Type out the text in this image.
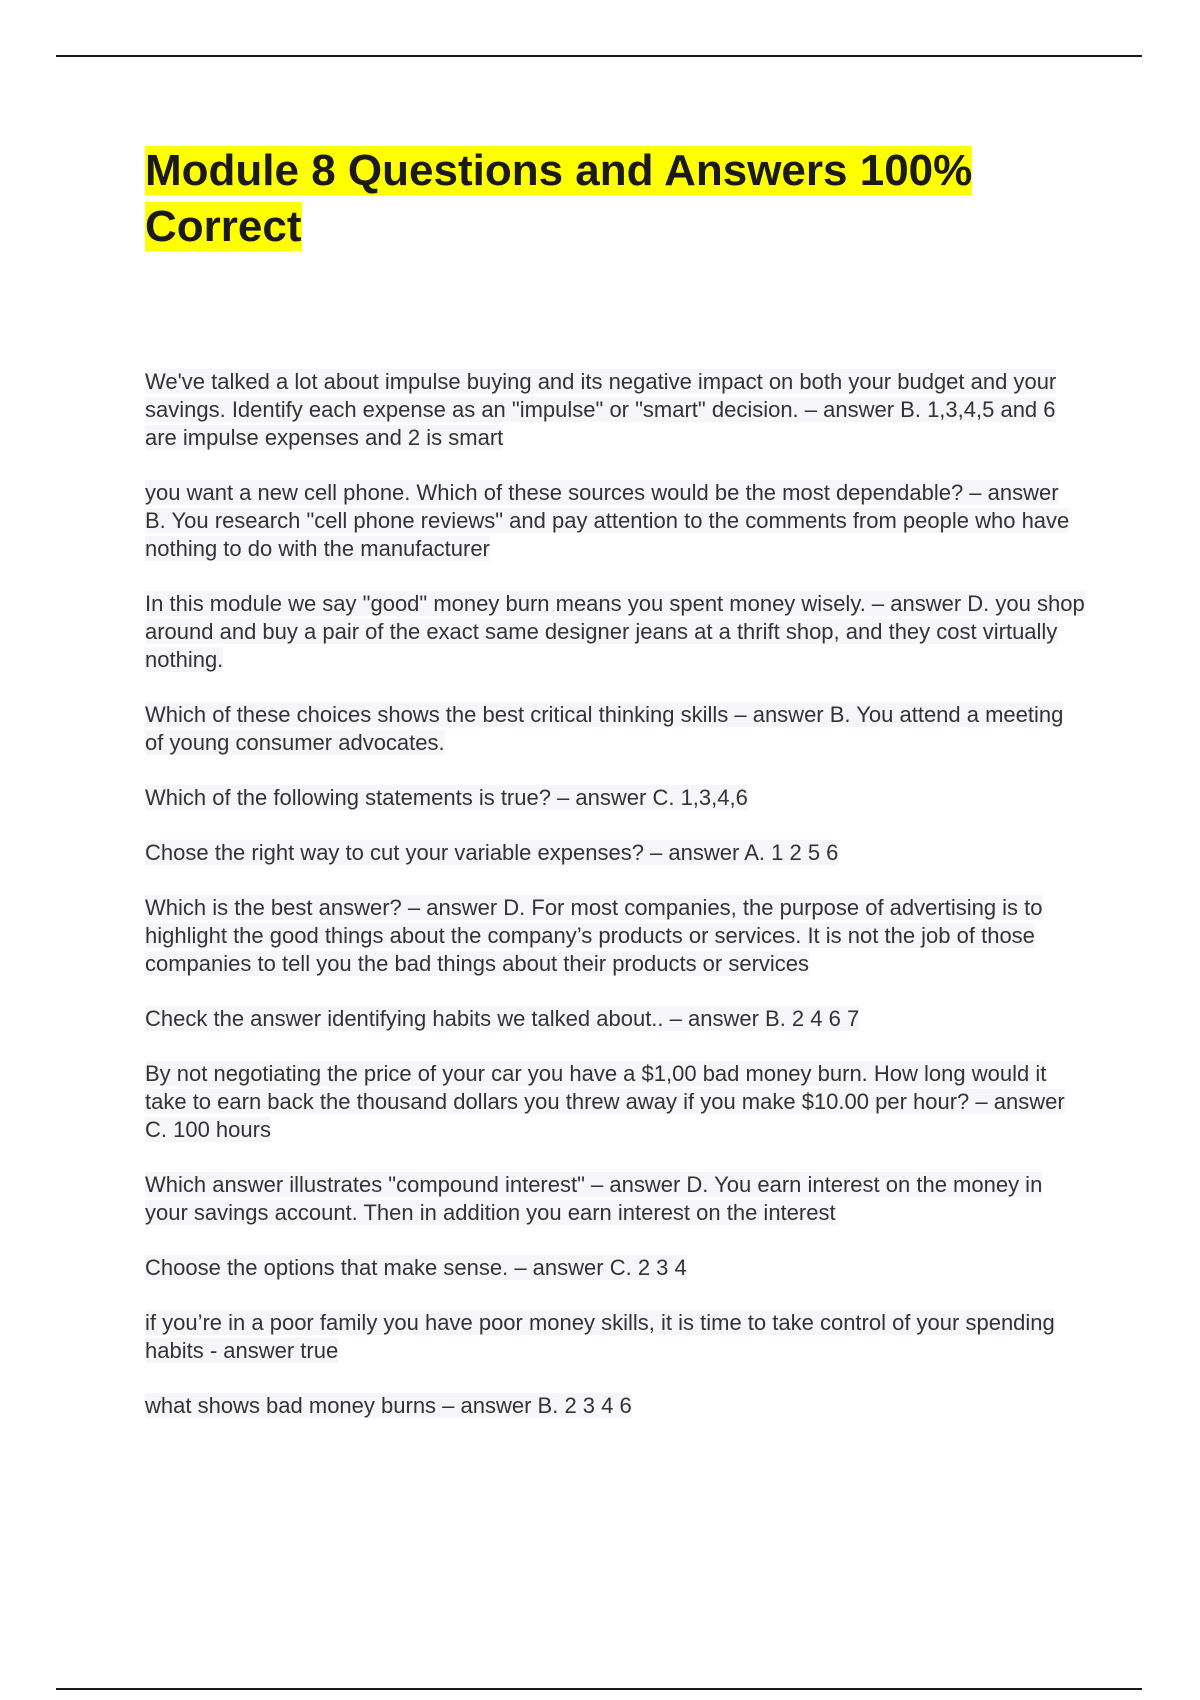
Module 8 Questions and Answers 100% Correct
We've talked a lot about impulse buying and its negative impact on both your budget and your savings. Identify each expense as an "impulse" or "smart" decision. – answer B. 1,3,4,5 and 6 are impulse expenses and 2 is smart
you want a new cell phone. Which of these sources would be the most dependable? – answer B. You research "cell phone reviews" and pay attention to the comments from people who have nothing to do with the manufacturer
In this module we say "good" money burn means you spent money wisely. – answer D. you shop around and buy a pair of the exact same designer jeans at a thrift shop, and they cost virtually nothing.
Which of these choices shows the best critical thinking skills – answer B. You attend a meeting of young consumer advocates.
Which of the following statements is true? – answer C. 1,3,4,6
Chose the right way to cut your variable expenses? – answer A. 1 2 5 6
Which is the best answer? – answer D. For most companies, the purpose of advertising is to highlight the good things about the company’s products or services. It is not the job of those companies to tell you the bad things about their products or services
Check the answer identifying habits we talked about.. – answer B. 2 4 6 7
By not negotiating the price of your car you have a $1,00 bad money burn. How long would it take to earn back the thousand dollars you threw away if you make $10.00 per hour? – answer C. 100 hours
Which answer illustrates "compound interest" – answer D. You earn interest on the money in your savings account. Then in addition you earn interest on the interest
Choose the options that make sense. – answer C. 2 3 4
if you’re in a poor family you have poor money skills, it is time to take control of your spending habits - answer true
what shows bad money burns – answer B. 2 3 4 6
